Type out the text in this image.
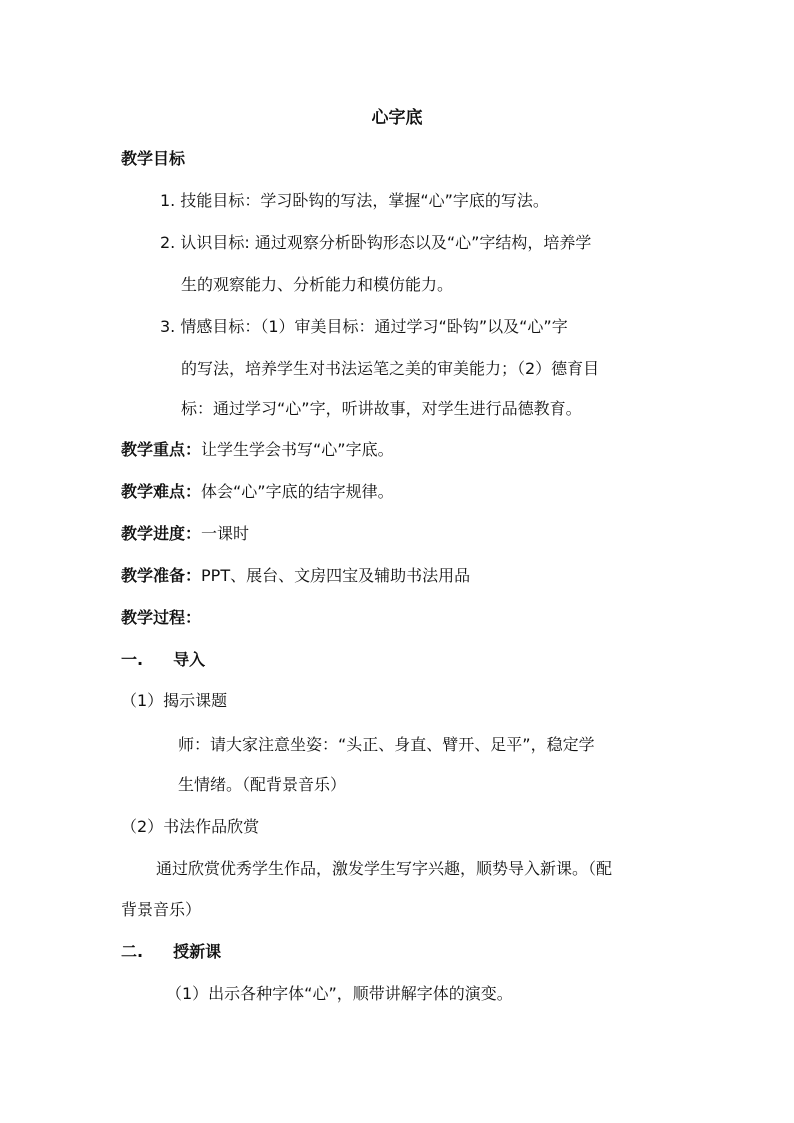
心字底
教学目标
1. 技能目标：学习卧钩的写法，掌握“心”字底的写法。
2. 认识目标: 通过观察分析卧钩形态以及“心”字结构，培养学
生的观察能力、分析能力和模仿能力。
3. 情感目标：（1）审美目标：通过学习“卧钩”以及“心”字
的写法，培养学生对书法运笔之美的审美能力；（2）德育目
标：通过学习“心”字，听讲故事，对学生进行品德教育。
教学重点：让学生学会书写“心”字底。
教学难点：体会“心”字底的结字规律。
教学进度：一课时
教学准备：PPT、展台、文房四宝及辅助书法用品
教学过程：
一. 导入
（1）揭示课题
师：请大家注意坐姿：“头正、身直、臂开、足平”，稳定学
生情绪。（配背景音乐）
（2）书法作品欣赏
通过欣赏优秀学生作品，激发学生写字兴趣，顺势导入新课。（配
背景音乐）
二. 授新课
（1）出示各种字体“心”，顺带讲解字体的演变。
